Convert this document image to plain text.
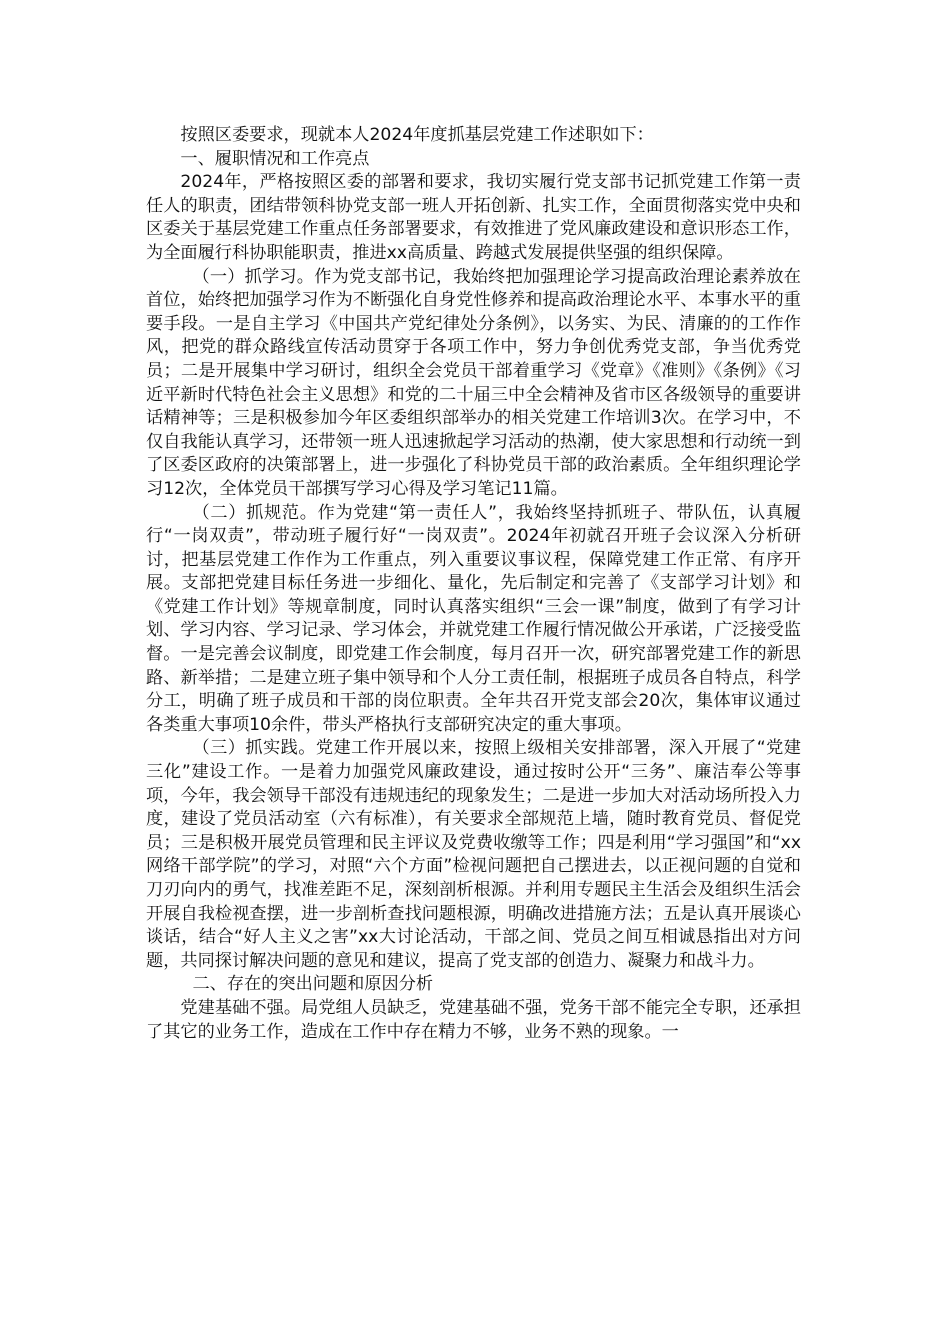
按照区委要求，现就本人2024年度抓基层党建工作述职如下：

一、履职情况和工作亮点

2024年，严格按照区委的部署和要求，我切实履行党支部书记抓党建工作第一责任人的职责，团结带领科协党支部一班人开拓创新、扎实工作，全面贯彻落实党中央和区委关于基层党建工作重点任务部署要求，有效推进了党风廉政建设和意识形态工作，为全面履行科协职能职责，推进xx高质量、跨越式发展提供坚强的组织保障。

（一）抓学习。作为党支部书记，我始终把加强理论学习提高政治理论素养放在首位，始终把加强学习作为不断强化自身党性修养和提高政治理论水平、本事水平的重要手段。一是自主学习《中国共产党纪律处分条例》，以务实、为民、清廉的的工作作风，把党的群众路线宣传活动贯穿于各项工作中，努力争创优秀党支部，争当优秀党员；二是开展集中学习研讨，组织全会党员干部着重学习《党章》《准则》《条例》《习近平新时代特色社会主义思想》和党的二十届三中全会精神及省市区各级领导的重要讲话精神等；三是积极参加今年区委组织部举办的相关党建工作培训3次。在学习中，不仅自我能认真学习，还带领一班人迅速掀起学习活动的热潮，使大家思想和行动统一到了区委区政府的决策部署上，进一步强化了科协党员干部的政治素质。全年组织理论学习12次，全体党员干部撰写学习心得及学习笔记11篇。

（二）抓规范。作为党建“第一责任人”，我始终坚持抓班子、带队伍，认真履行“一岗双责”，带动班子履行好“一岗双责”。2024年初就召开班子会议深入分析研讨，把基层党建工作作为工作重点，列入重要议事议程，保障党建工作正常、有序开展。支部把党建目标任务进一步细化、量化，先后制定和完善了《支部学习计划》和《党建工作计划》等规章制度，同时认真落实组织“三会一课”制度，做到了有学习计划、学习内容、学习记录、学习体会，并就党建工作履行情况做公开承诺，广泛接受监督。一是完善会议制度，即党建工作会制度，每月召开一次，研究部署党建工作的新思路、新举措；二是建立班子集中领导和个人分工责任制，根据班子成员各自特点，科学分工，明确了班子成员和干部的岗位职责。全年共召开党支部会20次，集体审议通过各类重大事项10余件，带头严格执行支部研究决定的重大事项。

（三）抓实践。党建工作开展以来，按照上级相关安排部署，深入开展了“党建三化”建设工作。一是着力加强党风廉政建设，通过按时公开“三务”、廉洁奉公等事项，今年，我会领导干部没有违规违纪的现象发生；二是进一步加大对活动场所投入力度，建设了党员活动室（六有标准），有关要求全部规范上墙，随时教育党员、督促党员；三是积极开展党员管理和民主评议及党费收缴等工作；四是利用“学习强国”和“xx网络干部学院”的学习，对照“六个方面”检视问题把自己摆进去，以正视问题的自觉和刀刃向内的勇气，找准差距不足，深刻剖析根源。并利用专题民主生活会及组织生活会开展自我检视查摆，进一步剖析查找问题根源，明确改进措施方法；五是认真开展谈心谈话，结合“好人主义之害”xx大讨论活动，干部之间、党员之间互相诚恳指出对方问题，共同探讨解决问题的意见和建议，提高了党支部的创造力、凝聚力和战斗力。

二、存在的突出问题和原因分析

党建基础不强。局党组人员缺乏，党建基础不强，党务干部不能完全专职，还承担了其它的业务工作，造成在工作中存在精力不够，业务不熟的现象。一
